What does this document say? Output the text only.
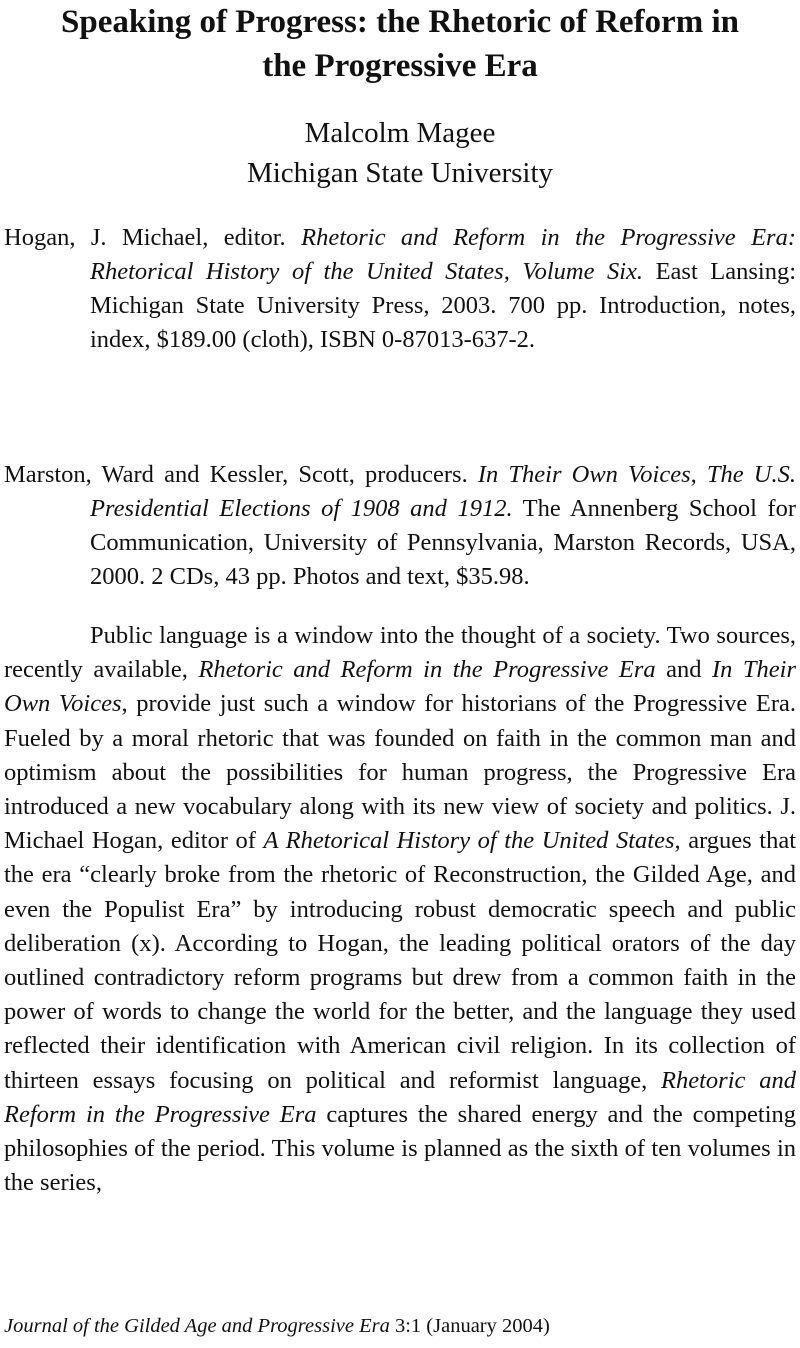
Speaking of Progress: the Rhetoric of Reform in
the Progressive Era
Malcolm Magee
Michigan State University
Hogan, J. Michael, editor. Rhetoric and Reform in the Progressive Era: Rhetorical History of the United States, Volume Six. East Lansing: Michigan State University Press, 2003. 700 pp. Introduction, notes, index, $189.00 (cloth), ISBN 0-87013-637-2.
Marston, Ward and Kessler, Scott, producers. In Their Own Voices, The U.S. Presidential Elections of 1908 and 1912. The Annenberg School for Communication, University of Pennsylvania, Marston Records, USA, 2000. 2 CDs, 43 pp. Photos and text, $35.98.
Public language is a window into the thought of a society. Two sources, recently available, Rhetoric and Reform in the Progressive Era and In Their Own Voices, provide just such a window for historians of the Progressive Era. Fueled by a moral rhetoric that was founded on faith in the common man and optimism about the possibilities for human progress, the Progressive Era introduced a new vocabulary along with its new view of society and politics. J. Michael Hogan, editor of A Rhetorical History of the United States, argues that the era “clearly broke from the rhetoric of Reconstruction, the Gilded Age, and even the Populist Era” by introducing robust democratic speech and public deliberation (x). According to Hogan, the leading political orators of the day outlined contradictory reform programs but drew from a common faith in the power of words to change the world for the better, and the language they used reflected their identification with American civil religion. In its collection of thirteen essays focusing on political and reformist language, Rhetoric and Reform in the Progressive Era captures the shared energy and the competing philosophies of the period. This volume is planned as the sixth of ten volumes in the series,
Journal of the Gilded Age and Progressive Era 3:1 (January 2004)
